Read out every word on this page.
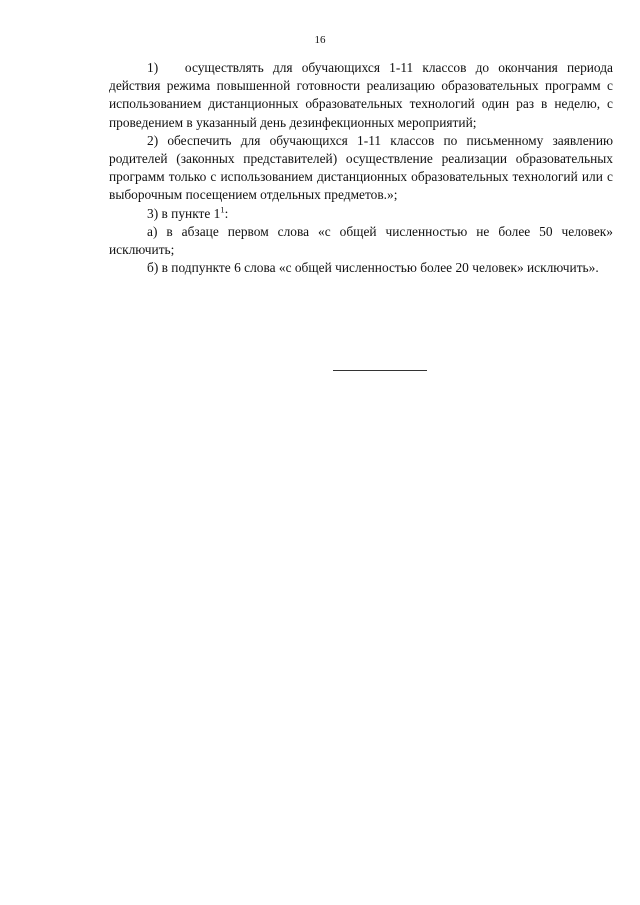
16

1)  осуществлять для обучающихся 1-11 классов до окончания периода действия режима повышенной готовности реализацию образовательных программ с использованием дистанционных образовательных технологий один раз в неделю, с проведением в указанный день дезинфекционных мероприятий;

2) обеспечить для обучающихся 1-11 классов по письменному заявлению родителей (законных представителей) осуществление реализации образовательных программ только с использованием дистанционных образовательных технологий или с выборочным посещением отдельных предметов.»;

3) в пункте $1^1$:

а) в абзаце первом слова «с общей численностью не более 50 человек» исключить;

б) в подпункте 6 слова «с общей численностью более 20 человек» исключить».
